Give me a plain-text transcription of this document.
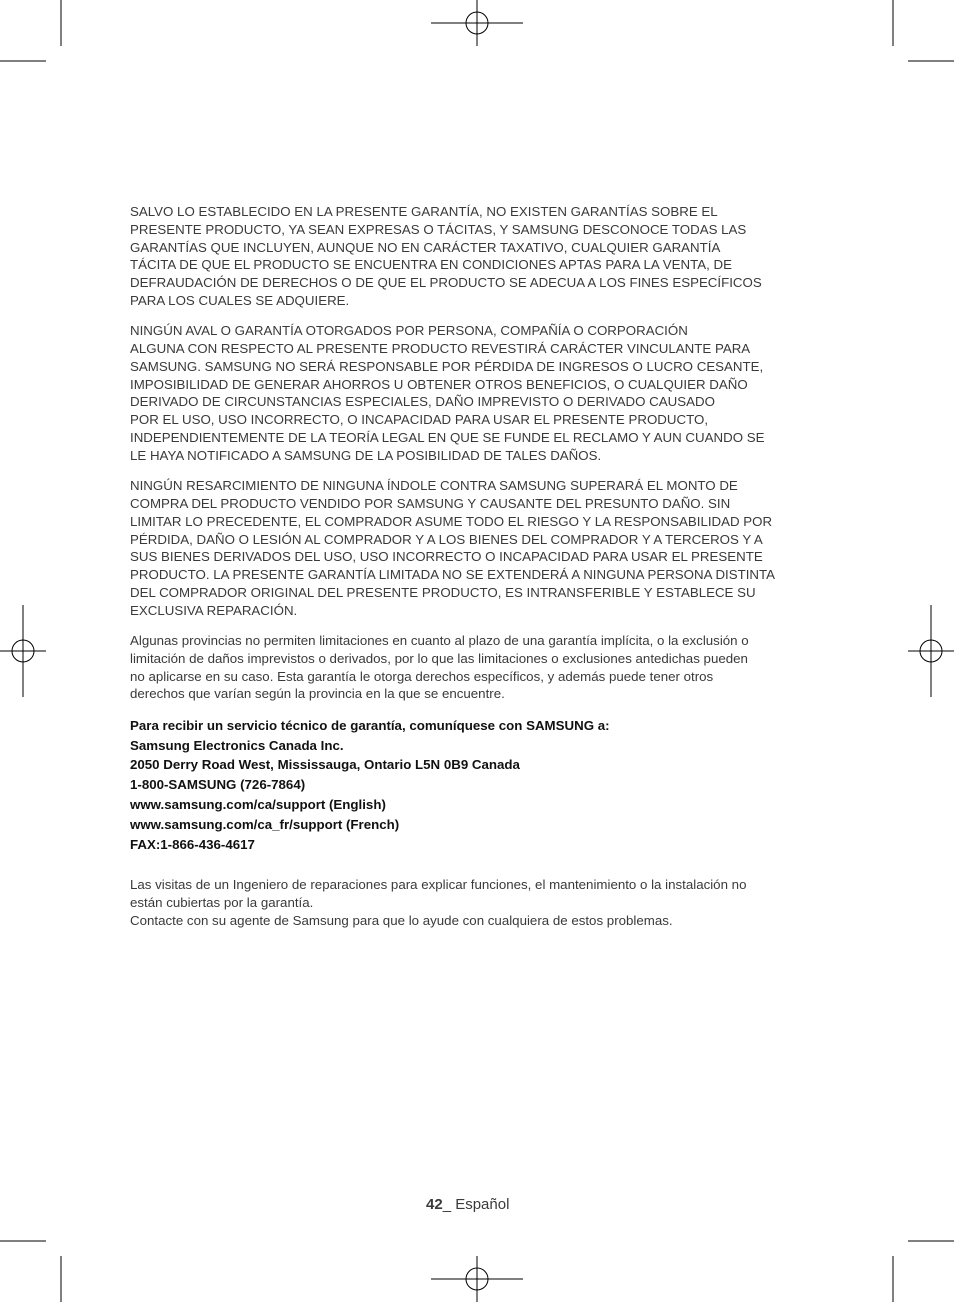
SALVO LO ESTABLECIDO EN LA PRESENTE GARANTÍA, NO EXISTEN GARANTÍAS SOBRE EL
PRESENTE PRODUCTO, YA SEAN EXPRESAS O TÁCITAS, Y SAMSUNG DESCONOCE TODAS LAS
GARANTÍAS QUE INCLUYEN, AUNQUE NO EN CARÁCTER TAXATIVO, CUALQUIER GARANTÍA
TÁCITA DE QUE EL PRODUCTO SE ENCUENTRA EN CONDICIONES APTAS PARA LA VENTA, DE
DEFRAUDACIÓN DE DERECHOS O DE QUE EL PRODUCTO SE ADECUA A LOS FINES ESPECÍFICOS
PARA LOS CUALES SE ADQUIERE.

NINGÚN AVAL O GARANTÍA OTORGADOS POR PERSONA, COMPAÑÍA O CORPORACIÓN
ALGUNA CON RESPECTO AL PRESENTE PRODUCTO REVESTIRÁ CARÁCTER VINCULANTE PARA
SAMSUNG. SAMSUNG NO SERÁ RESPONSABLE POR PÉRDIDA DE INGRESOS O LUCRO CESANTE,
IMPOSIBILIDAD DE GENERAR AHORROS U OBTENER OTROS BENEFICIOS, O CUALQUIER DAÑO
DERIVADO DE CIRCUNSTANCIAS ESPECIALES, DAÑO IMPREVISTO O DERIVADO CAUSADO
POR EL USO, USO INCORRECTO, O INCAPACIDAD PARA USAR EL PRESENTE PRODUCTO,
INDEPENDIENTEMENTE DE LA TEORÍA LEGAL EN QUE SE FUNDE EL RECLAMO Y AUN CUANDO SE
LE HAYA NOTIFICADO A SAMSUNG DE LA POSIBILIDAD DE TALES DAÑOS.

NINGÚN RESARCIMIENTO DE NINGUNA ÍNDOLE CONTRA SAMSUNG SUPERARÁ EL MONTO DE
COMPRA DEL PRODUCTO VENDIDO POR SAMSUNG Y CAUSANTE DEL PRESUNTO DAÑO. SIN
LIMITAR LO PRECEDENTE, EL COMPRADOR ASUME TODO EL RIESGO Y LA RESPONSABILIDAD POR
PÉRDIDA, DAÑO O LESIÓN AL COMPRADOR Y A LOS BIENES DEL COMPRADOR Y A TERCEROS Y A
SUS BIENES DERIVADOS DEL USO, USO INCORRECTO O INCAPACIDAD PARA USAR EL PRESENTE
PRODUCTO. LA PRESENTE GARANTÍA LIMITADA NO SE EXTENDERÁ A NINGUNA PERSONA DISTINTA
DEL COMPRADOR ORIGINAL DEL PRESENTE PRODUCTO, ES INTRANSFERIBLE Y ESTABLECE SU
EXCLUSIVA REPARACIÓN.

Algunas provincias no permiten limitaciones en cuanto al plazo de una garantía implícita, o la exclusión o
limitación de daños imprevistos o derivados, por lo que las limitaciones o exclusiones antedichas pueden
no aplicarse en su caso. Esta garantía le otorga derechos específicos, y además puede tener otros
derechos que varían según la provincia en la que se encuentre.

Para recibir un servicio técnico de garantía, comuníquese con SAMSUNG a:
Samsung Electronics Canada Inc.
2050 Derry Road West, Mississauga, Ontario L5N 0B9 Canada
1-800-SAMSUNG (726-7864)
www.samsung.com/ca/support (English)
www.samsung.com/ca_fr/support (French)
FAX:1-866-436-4617
Las visitas de un Ingeniero de reparaciones para explicar funciones, el mantenimiento o la instalación no
están cubiertas por la garantía.
Contacte con su agente de Samsung para que lo ayude con cualquiera de estos problemas.
42_ Español
